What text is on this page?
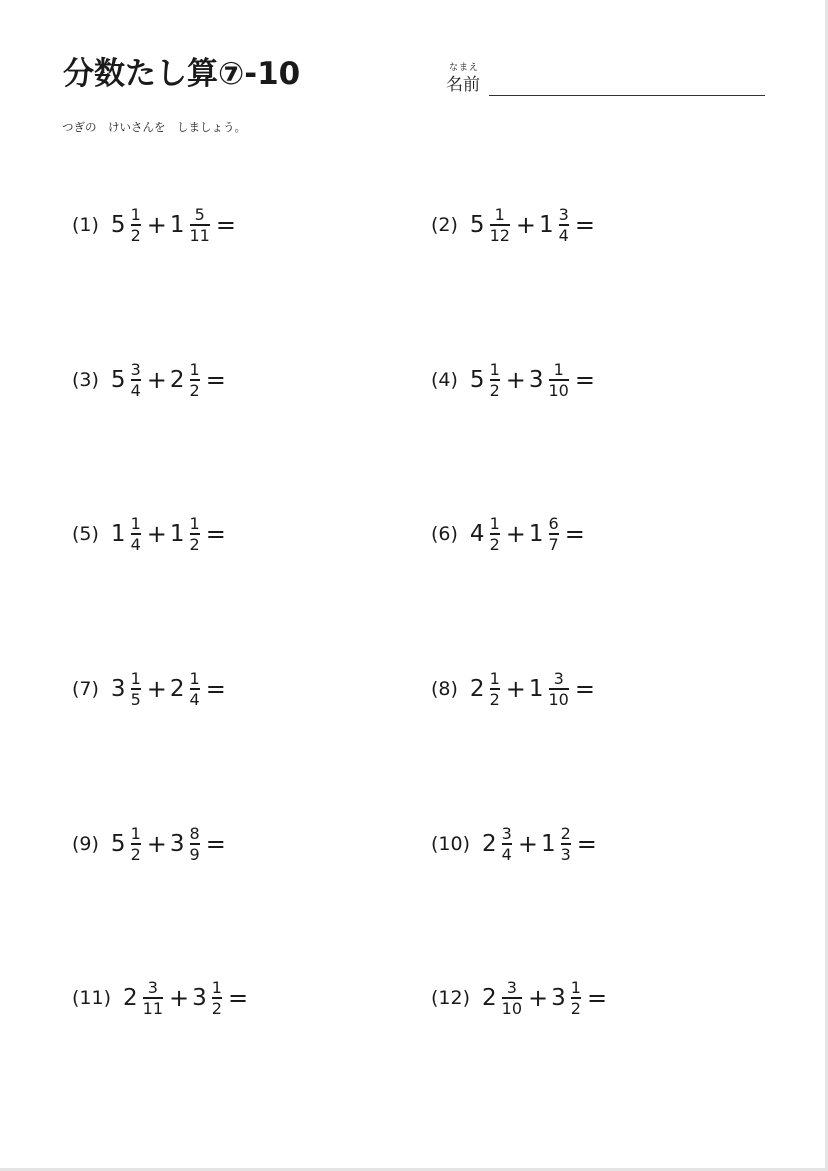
分数たし算⑦-10	なまえ
名前
つぎの　けいさんを　しましょう。
(1) $5 \frac{1}{2} + 1 \frac{5}{11}$ =	(2) $5 \frac{1}{12} + 1 \frac{3}{4}$ =
(3) $5 \frac{3}{4} + 2 \frac{1}{2}$ =	(4) $5 \frac{1}{2} + 3 \frac{1}{10}$ =
(5) $1 \frac{1}{4} + 1 \frac{1}{2}$ =	(6) $4 \frac{1}{2} + 1 \frac{6}{7}$ =
(7) $3 \frac{1}{5} + 2 \frac{1}{4}$ =	(8) $2 \frac{1}{2} + 1 \frac{3}{10}$ =
(9) $5 \frac{1}{2} + 3 \frac{8}{9}$ =	(10) $2 \frac{3}{4} + 1 \frac{2}{3}$ =
(11) $2 \frac{3}{11} + 3 \frac{1}{2}$ =	(12) $2 \frac{3}{10} + 3 \frac{1}{2}$ =
